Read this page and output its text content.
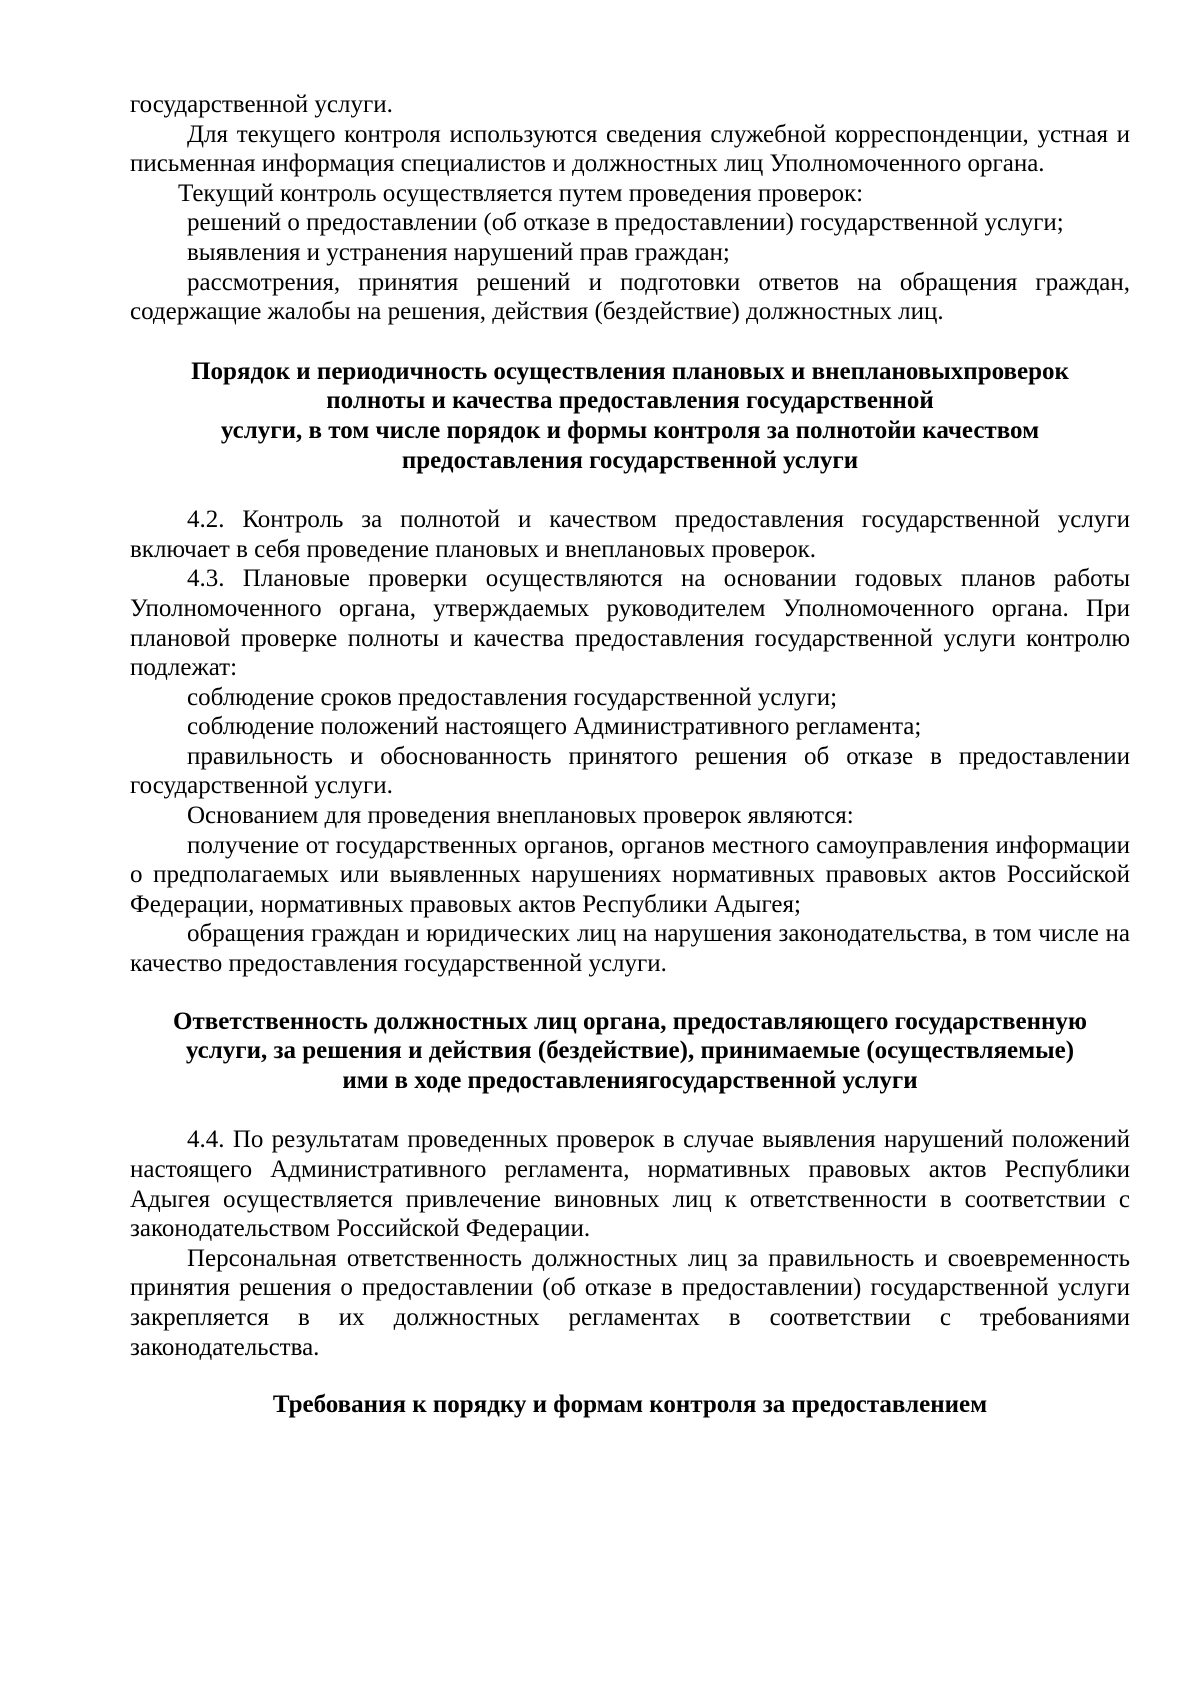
государственной услуги.

Для текущего контроля используются сведения служебной корреспонденции, устная и письменная информация специалистов и должностных лиц Уполномоченного органа.

Текущий контроль осуществляется путем проведения проверок:

решений о предоставлении (об отказе в предоставлении) государственной услуги;

выявления и устранения нарушений прав граждан;

рассмотрения, принятия решений и подготовки ответов на обращения граждан, содержащие жалобы на решения, действия (бездействие) должностных лиц.

Порядок и периодичность осуществления плановых и внеплановыхпроверок
полноты и качества предоставления государственной
услуги, в том числе порядок и формы контроля за полнотойи качеством
предоставления государственной услуги

4.2. Контроль за полнотой и качеством предоставления государственной услуги включает в себя проведение плановых и внеплановых проверок.

4.3. Плановые проверки осуществляются на основании годовых планов работы Уполномоченного органа, утверждаемых руководителем Уполномоченного органа. При плановой проверке полноты и качества предоставления государственной услуги контролю подлежат:

соблюдение сроков предоставления государственной услуги;

соблюдение положений настоящего Административного регламента;

правильность и обоснованность принятого решения об отказе в предоставлении государственной услуги.

Основанием для проведения внеплановых проверок являются:

получение от государственных органов, органов местного самоуправления информации о предполагаемых или выявленных нарушениях нормативных правовых актов Российской Федерации, нормативных правовых актов Республики Адыгея;

обращения граждан и юридических лиц на нарушения законодательства, в том числе на качество предоставления государственной услуги.

Ответственность должностных лиц органа, предоставляющего государственную
услуги, за решения и действия (бездействие), принимаемые (осуществляемые)
ими в ходе предоставлениягосударственной услуги

4.4. По результатам проведенных проверок в случае выявления нарушений положений настоящего Административного регламента, нормативных правовых актов Республики Адыгея осуществляется привлечение виновных лиц к ответственности в соответствии с законодательством Российской Федерации.

Персональная ответственность должностных лиц за правильность и своевременность принятия решения о предоставлении (об отказе в предоставлении) государственной услуги закрепляется в их должностных регламентах в соответствии с требованиями законодательства.

Требования к порядку и формам контроля за предоставлением
